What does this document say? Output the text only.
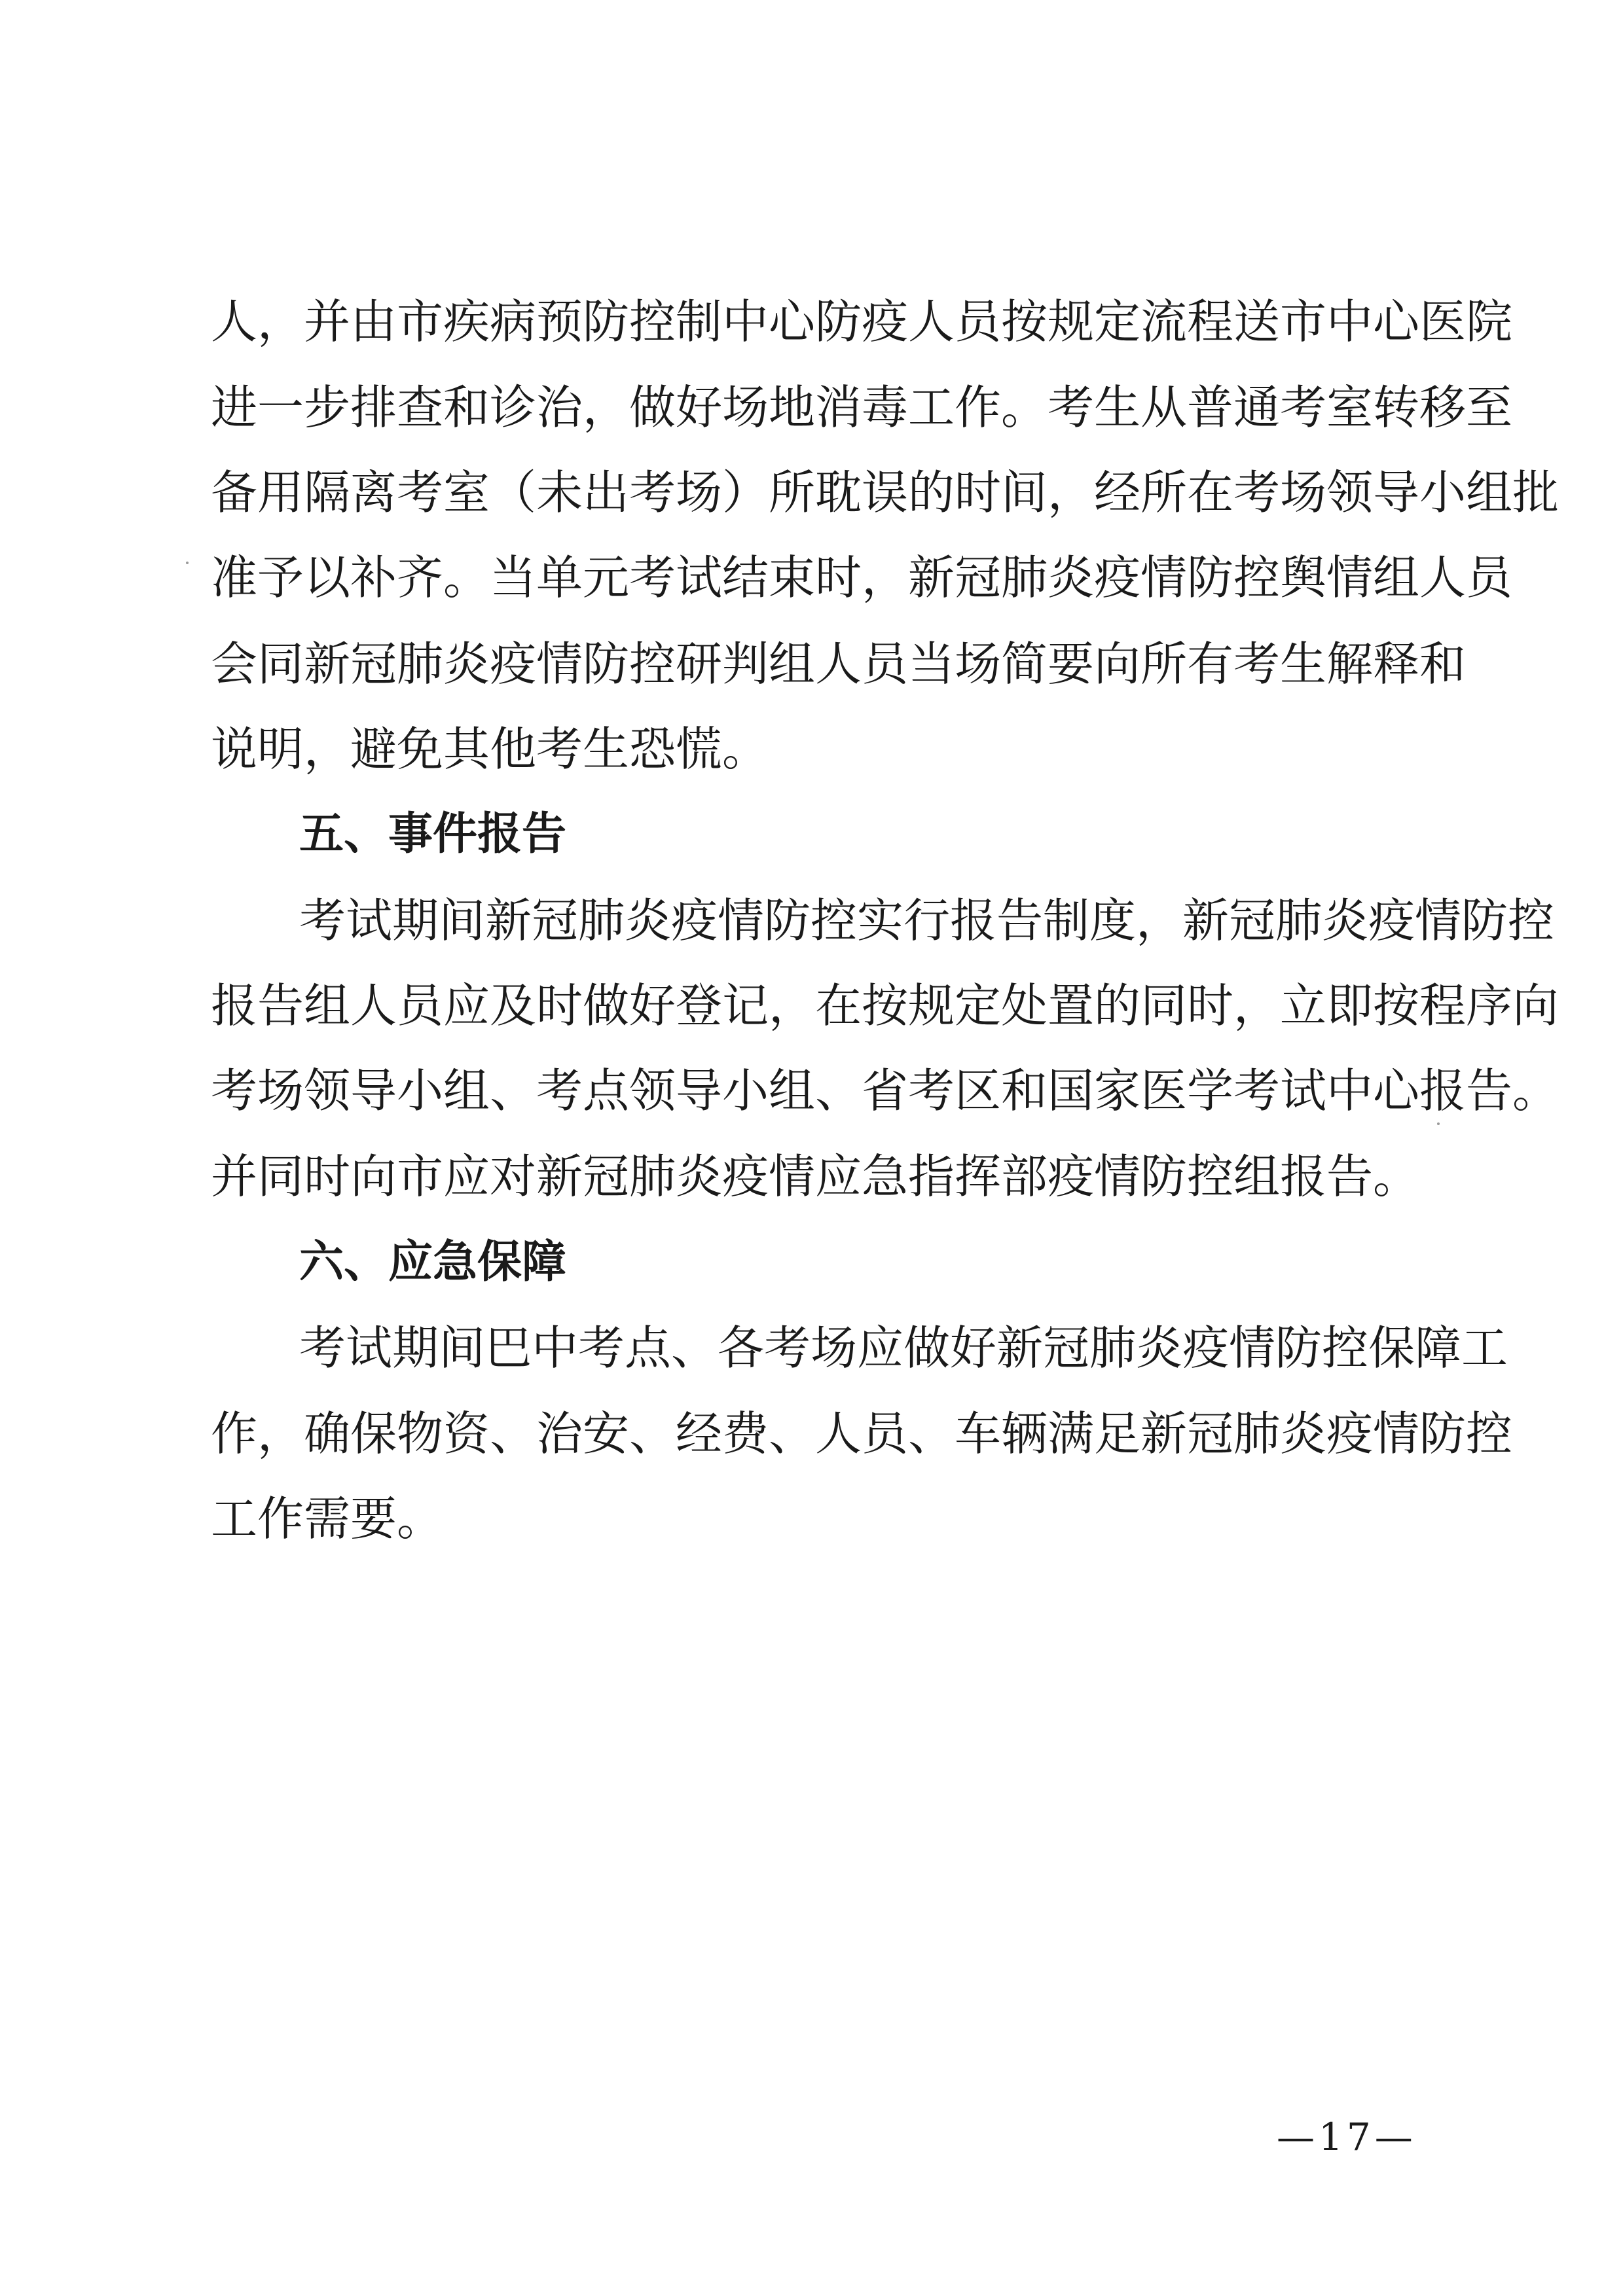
人，并由市疾病预防控制中心防疫人员按规定流程送市中心医院
进一步排查和诊治，做好场地消毒工作。考生从普通考室转移至
备用隔离考室（未出考场）所耽误的时间，经所在考场领导小组批
准予以补齐。当单元考试结束时，新冠肺炎疫情防控舆情组人员
会同新冠肺炎疫情防控研判组人员当场简要向所有考生解释和
说明，避免其他考生恐慌。
五、事件报告
考试期间新冠肺炎疫情防控实行报告制度，新冠肺炎疫情防控
报告组人员应及时做好登记，在按规定处置的同时，立即按程序向
考场领导小组、考点领导小组、省考区和国家医学考试中心报告。
并同时向市应对新冠肺炎疫情应急指挥部疫情防控组报告。
六、应急保障
考试期间巴中考点、各考场应做好新冠肺炎疫情防控保障工
作，确保物资、治安、经费、人员、车辆满足新冠肺炎疫情防控
工作需要。
—17—
